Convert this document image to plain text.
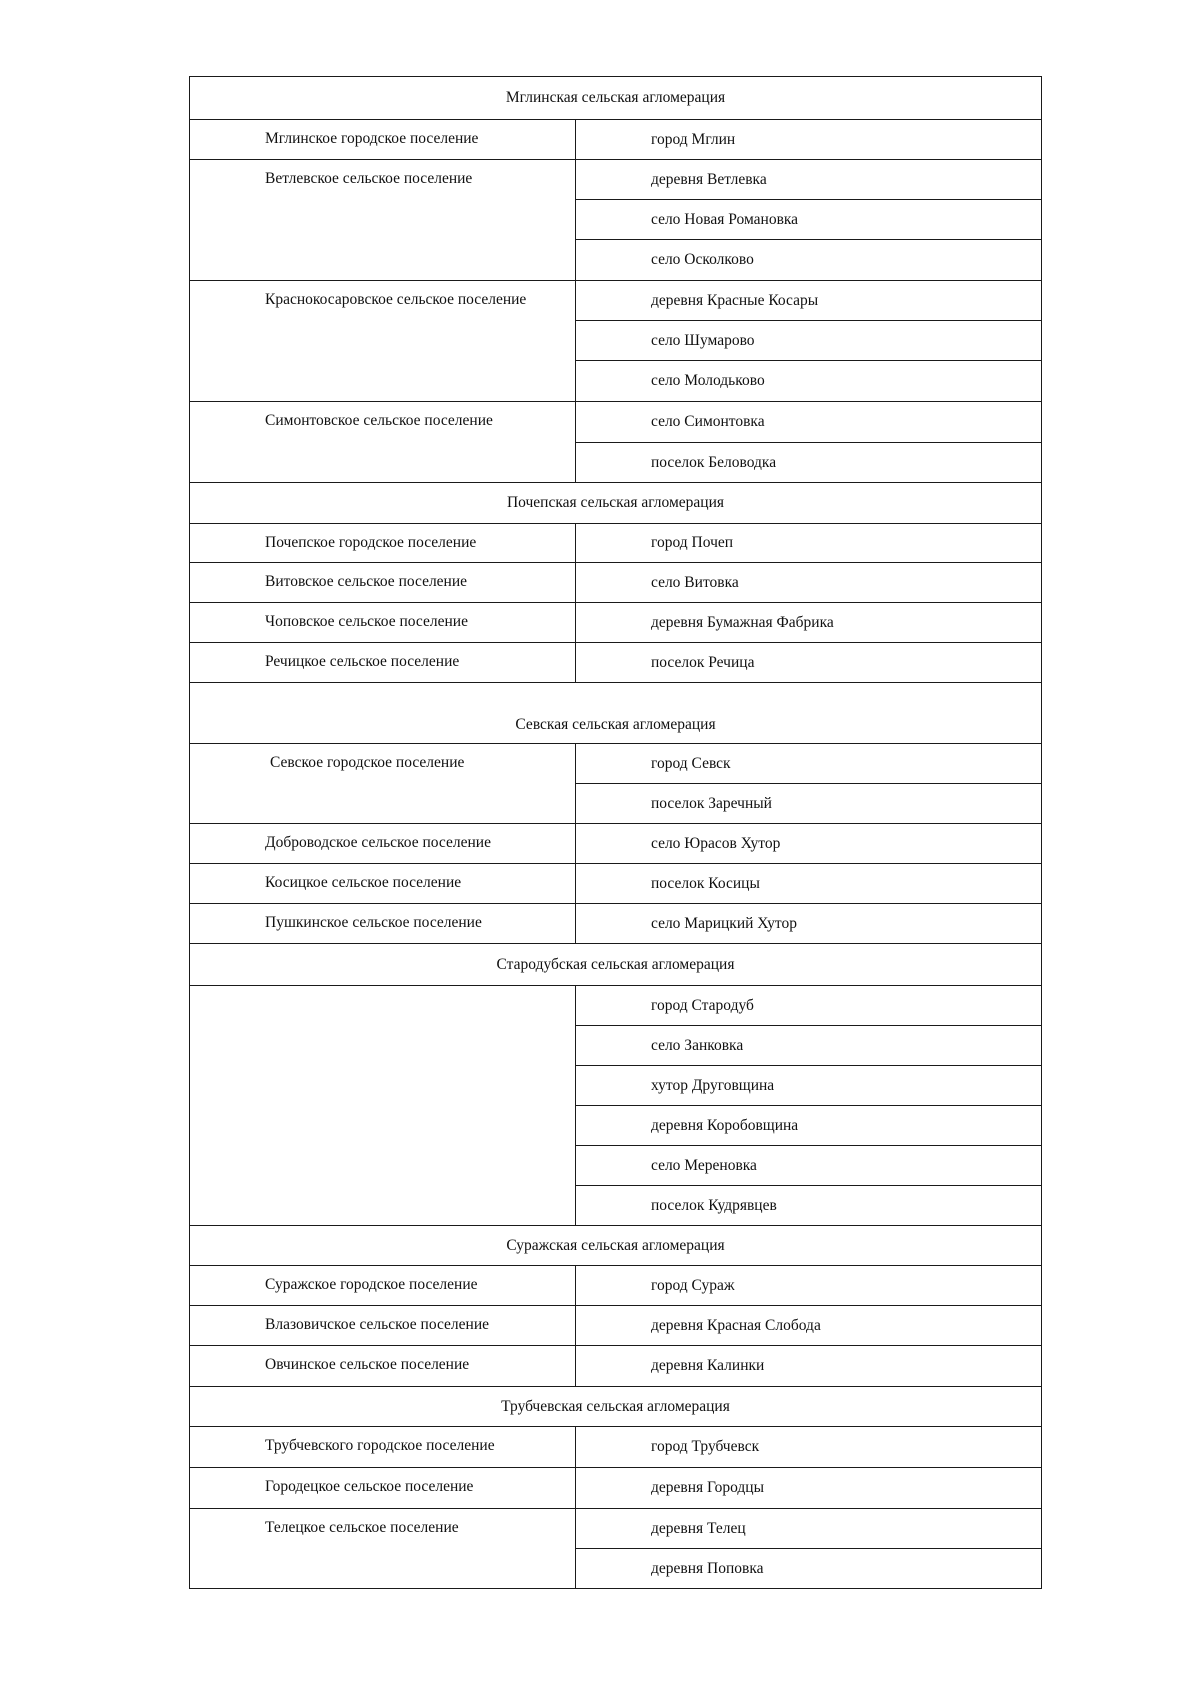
Мглинская сельская агломерация	
Мглинское городское поселение	город Мглин
Ветлевское сельское поселение	деревня Ветлевка
	село Новая Романовка
	село Осколково
Краснокосаровское сельское поселение	деревня Красные Косары
	село Шумарово
	село Молодьково
Симонтовское сельское поселение	село Симонтовка
	поселок Беловодка
Почепская сельская агломерация	
Почепское городское поселение	город Почеп
Витовское сельское поселение	село Витовка
Чоповское сельское поселение	деревня Бумажная Фабрика
Речицкое сельское поселение	поселок Речица
Севская сельская агломерация	
Севское городское поселение	город Севск
	поселок Заречный
Доброводское сельское поселение	село Юрасов Хутор
Косицкое сельское поселение	поселок Косицы
Пушкинское сельское поселение	село Марицкий Хутор
Стародубская сельская агломерация	
	город Стародуб
	село Занковка
	хутор Друговщина
	деревня Коробовщина
	село Мереновка
	поселок Кудрявцев
Суражская сельская агломерация	
Суражское городское поселение	город Сураж
Влазовичское сельское поселение	деревня Красная Слобода
Овчинское сельское поселение	деревня Калинки
Трубчевская сельская агломерация	
Трубчевского городское поселение	город Трубчевск
Городецкое сельское поселение	деревня Городцы
Телецкое сельское поселение	деревня Телец
	деревня Поповка
